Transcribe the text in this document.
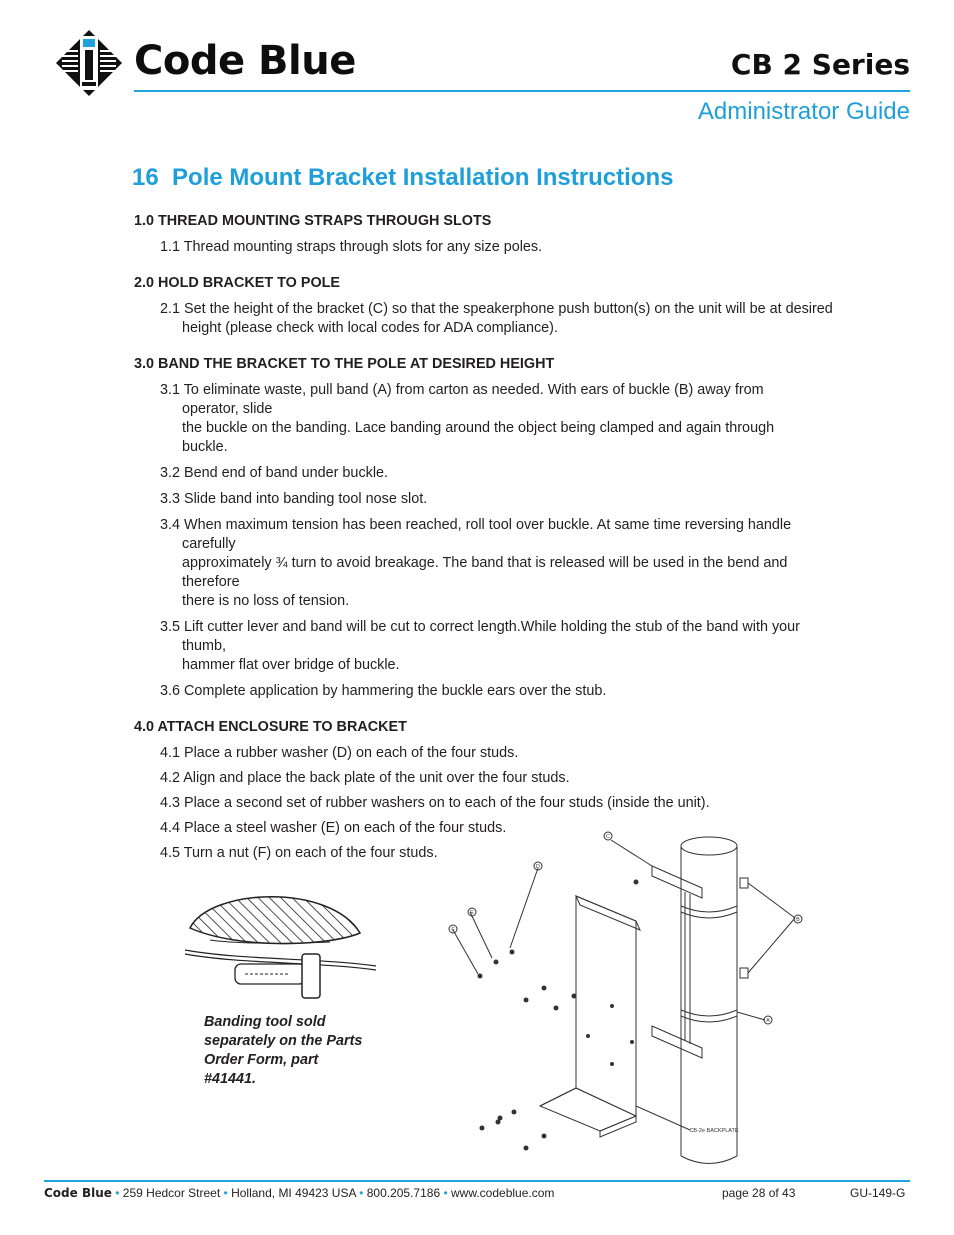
Code Blue	CB 2 Series
Administrator Guide
16 Pole Mount Bracket Installation Instructions

1.0 THREAD MOUNTING STRAPS THROUGH SLOTS

1.1 Thread mounting straps through slots for any size poles.

2.0 HOLD BRACKET TO POLE

2.1 Set the height of the bracket (C) so that the speakerphone push button(s) on the unit will be at desired height (please check with local codes for ADA compliance).

3.0 BAND THE BRACKET TO THE POLE AT DESIRED HEIGHT

3.1 To eliminate waste, pull band (A) from carton as needed. With ears of buckle (B) away from operator, slide
the buckle on the banding. Lace banding around the object being clamped and again through buckle.

3.2 Bend end of band under buckle.

3.3 Slide band into banding tool nose slot.

3.4 When maximum tension has been reached, roll tool over buckle. At same time reversing handle carefully
approximately ¾ turn to avoid breakage. The band that is released will be used in the bend and therefore
there is no loss of tension.
3.5 Lift cutter lever and band will be cut to correct length.While holding the stub of the band with your thumb,
hammer flat over bridge of buckle.

3.6 Complete application by hammering the buckle ears over the stub.

4.0 ATTACH ENCLOSURE TO BRACKET

4.1 Place a rubber washer (D) on each of the four studs.

4.2 Align and place the back plate of the unit over the four studs.

4.3 Place a second set of rubber washers on to each of the four studs (inside the unit).

4.4 Place a steel washer (E) on each of the four studs.

4.5 Turn a nut (F) on each of the four studs.

Banding tool sold separately on the Parts Order Form, part #41441.
C
D
E
F
B
A
CB-2e BACKPLATE
Code Blue • 259 Hedcor Street • Holland, MI 49423 USA • 800.205.7186 • www.codeblue.com	page 28 of 43	GU-149-G
